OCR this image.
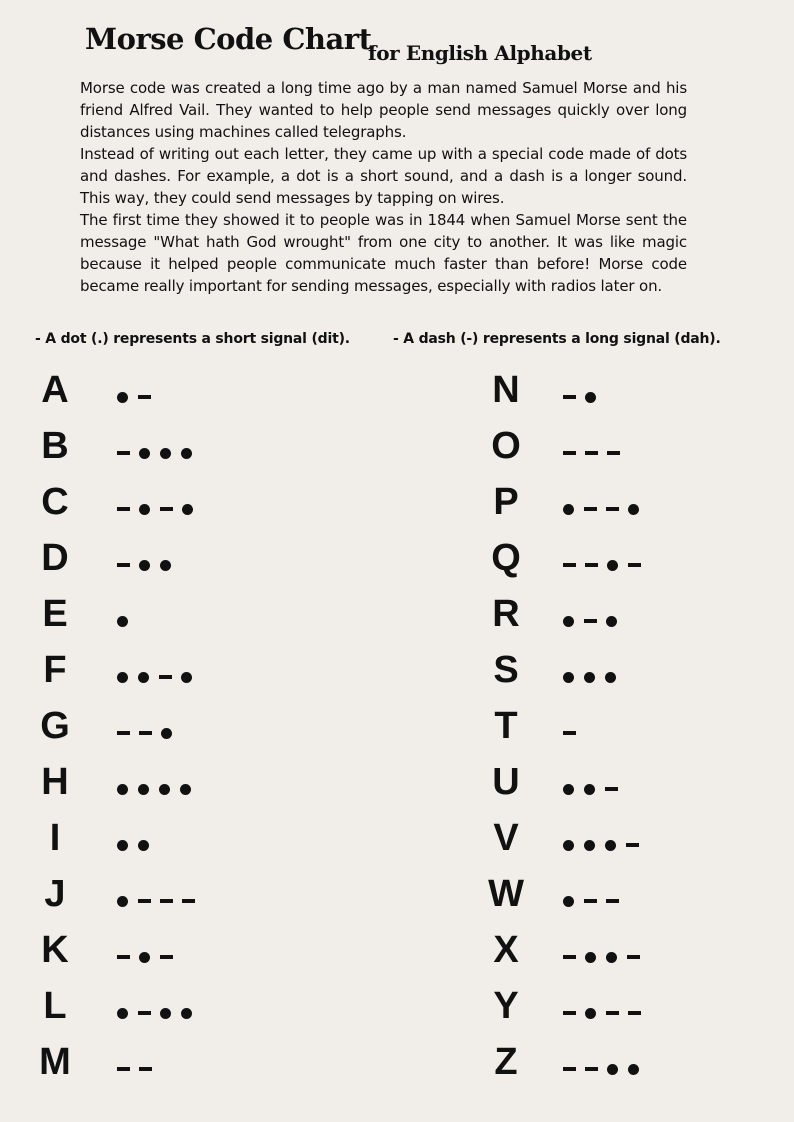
Morse Code Chart
for English Alphabet

Morse code was created a long time ago by a man named Samuel Morse and his friend Alfred Vail. They wanted to help people send messages quickly over long distances using machines called telegraphs.

Instead of writing out each letter, they came up with a special code made of dots and dashes. For example, a dot is a short sound, and a dash is a longer sound. This way, they could send messages by tapping on wires.

The first time they showed it to people was in 1844 when Samuel Morse sent the message "What hath God wrought" from one city to another. It was like magic because it helped people communicate much faster than before! Morse code became really important for sending messages, especially with radios later on.

- A dot (.) represents a short signal (dit).	- A dash (-) represents a long signal (dah).
A
B
C
D
E
F
G
H
I
J
K
L
M
N
O
P
Q
R
S
T
U
V
W
X
Y
Z
